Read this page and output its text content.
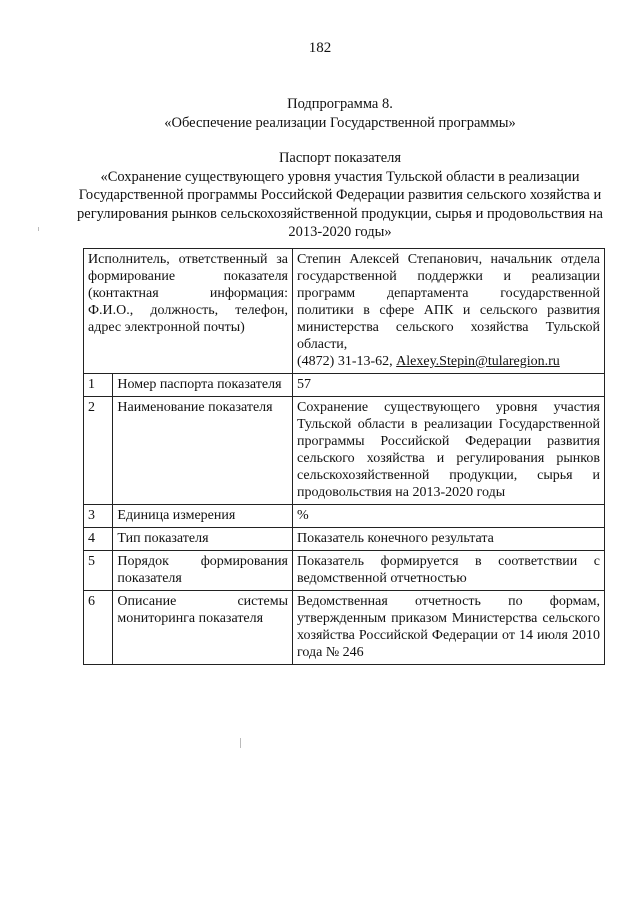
182
Подпрограмма 8.
«Обеспечение реализации Государственной программы»
Паспорт показателя
«Сохранение существующего уровня участия Тульской области в реализации Государственной программы Российской Федерации развития сельского хозяйства и регулирования рынков сельскохозяйственной продукции, сырья и продовольствия на 2013-2020 годы»
Исполнитель, ответственный за формирование показателя (контактная информация: Ф.И.О., должность, телефон, адрес электронной почты)		Степин Алексей Степанович, начальник отдела государственной поддержки и реализации программ департамента государственной политики в сфере АПК и сельского развития министерства сельского хозяйства Тульской области,
(4872) 31-13-62, Alexey.Stepin@tularegion.ru
1	Номер паспорта показателя	57
2	Наименование показателя	Сохранение существующего уровня участия Тульской области в реализации Государственной программы Российской Федерации развития сельского хозяйства и регулирования рынков сельскохозяйственной продукции, сырья и продовольствия на 2013-2020 годы
3	Единица измерения	%
4	Тип показателя	Показатель конечного результата
5	Порядок формирования показателя	Показатель формируется в соответствии с ведомственной отчетностью
6	Описание системы мониторинга показателя	Ведомственная отчетность по формам, утвержденным приказом Министерства сельского хозяйства Российской Федерации от 14 июля 2010 года № 246
